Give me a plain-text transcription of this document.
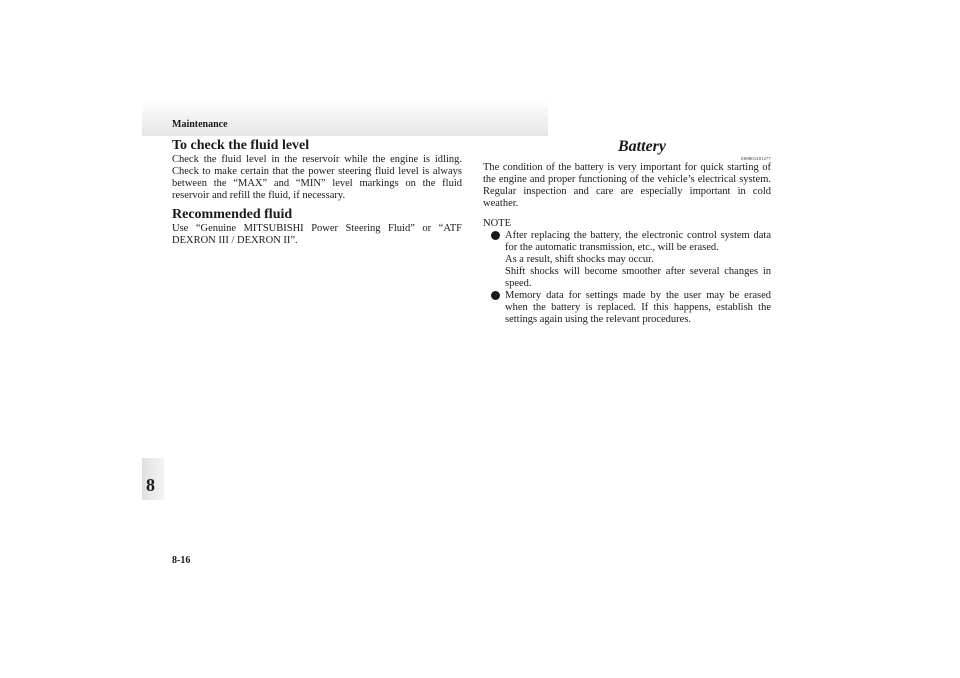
Maintenance
8
To check the fluid level

Check the fluid level in the reservoir while the engine is idling. Check to make certain that the power steering fluid level is always between the “MAX” and “MIN” level markings on the fluid reservoir and refill the fluid, if necessary.

Recommended fluid

Use “Genuine MITSUBISHI Power Steering Fluid” or “ATF DEXRON III / DEXRON II”.

Battery
E00801201277

The condition of the battery is very important for quick starting of the engine and proper functioning of the vehicle’s electrical system. Regular inspection and care are especially important in cold weather.

NOTE

After replacing the battery, the electronic control system data for the automatic transmission, etc., will be erased.

As a result, shift shocks may occur.

Shift shocks will become smoother after several changes in speed.

Memory data for settings made by the user may be erased when the battery is replaced. If this happens, establish the settings again using the relevant procedures.

8-16
